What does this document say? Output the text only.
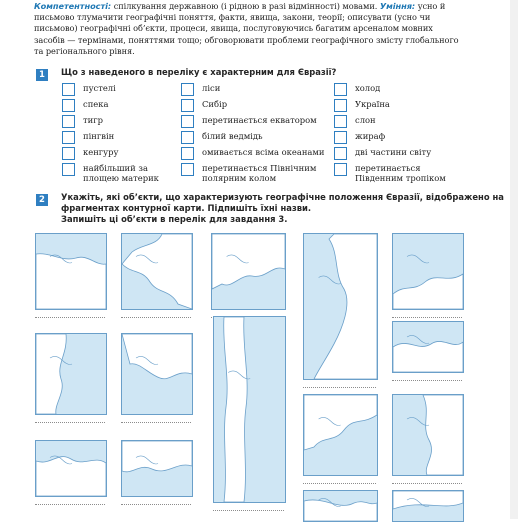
Компетентності: спілкування державною (і рідною в разі відмінності) мовами. Уміння: усно й письмово тлумачити географічні поняття, факти, явища, закони, теорії; описувати (усно чи письмово) географічні об’єкти, процеси, явища, послуговуючись багатим арсеналом мовних засобів — термінами, поняттями тощо; обговорювати проблеми географічного змісту глобального та регіонального рівня.

1	Що з наведеного в переліку є характерним для Євразії?
пустелі
спека
тигр
пінгвін
кенгуру
найбільший за площею материк
ліси
Сибір
перетинається екватором
білий ведмідь
омивається всіма океанами
перетинається Північним полярним колом
холод
Україна
слон
жираф
дві частини світу
перетинається Південним тропіком
2	Укажіть, які об’єкти, що характеризують географічне положення Євразії, відображено на
фрагментах контурної карти. Підпишіть їхні назви.
Запишіть ці об’єкти в перелік для завдання 3.
